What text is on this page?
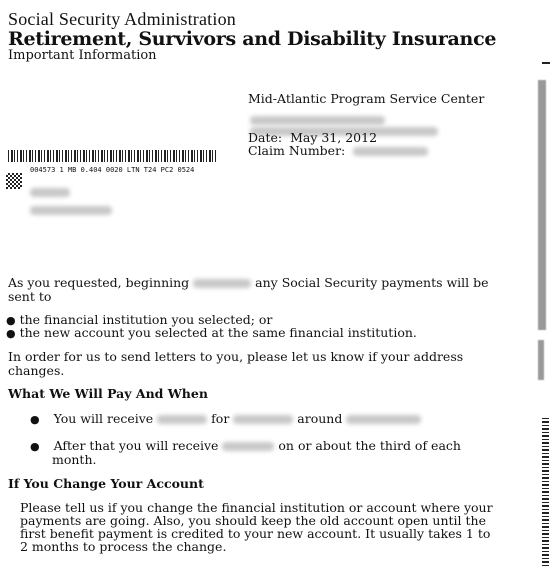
Social Security Administration
Retirement, Survivors and Disability Insurance
Important Information
Mid-Atlantic Program Service Center
Date: May 31, 2012
Claim Number:
004573 1 MB 0.404 0020 LTN T24 PC2 0524
As you requested, beginning	any Social Security payments will be
sent to
● the financial institution you selected; or
● the new account you selected at the same financial institution.
In order for us to send letters to you, please let us know if your address
changes.
What We Will Pay And When
● You will receive	for	around
● After that you will receive	on or about the third of each
month.
If You Change Your Account
Please tell us if you change the financial institution or account where your
payments are going. Also, you should keep the old account open until the
first benefit payment is credited to your new account. It usually takes 1 to
2 months to process the change.
